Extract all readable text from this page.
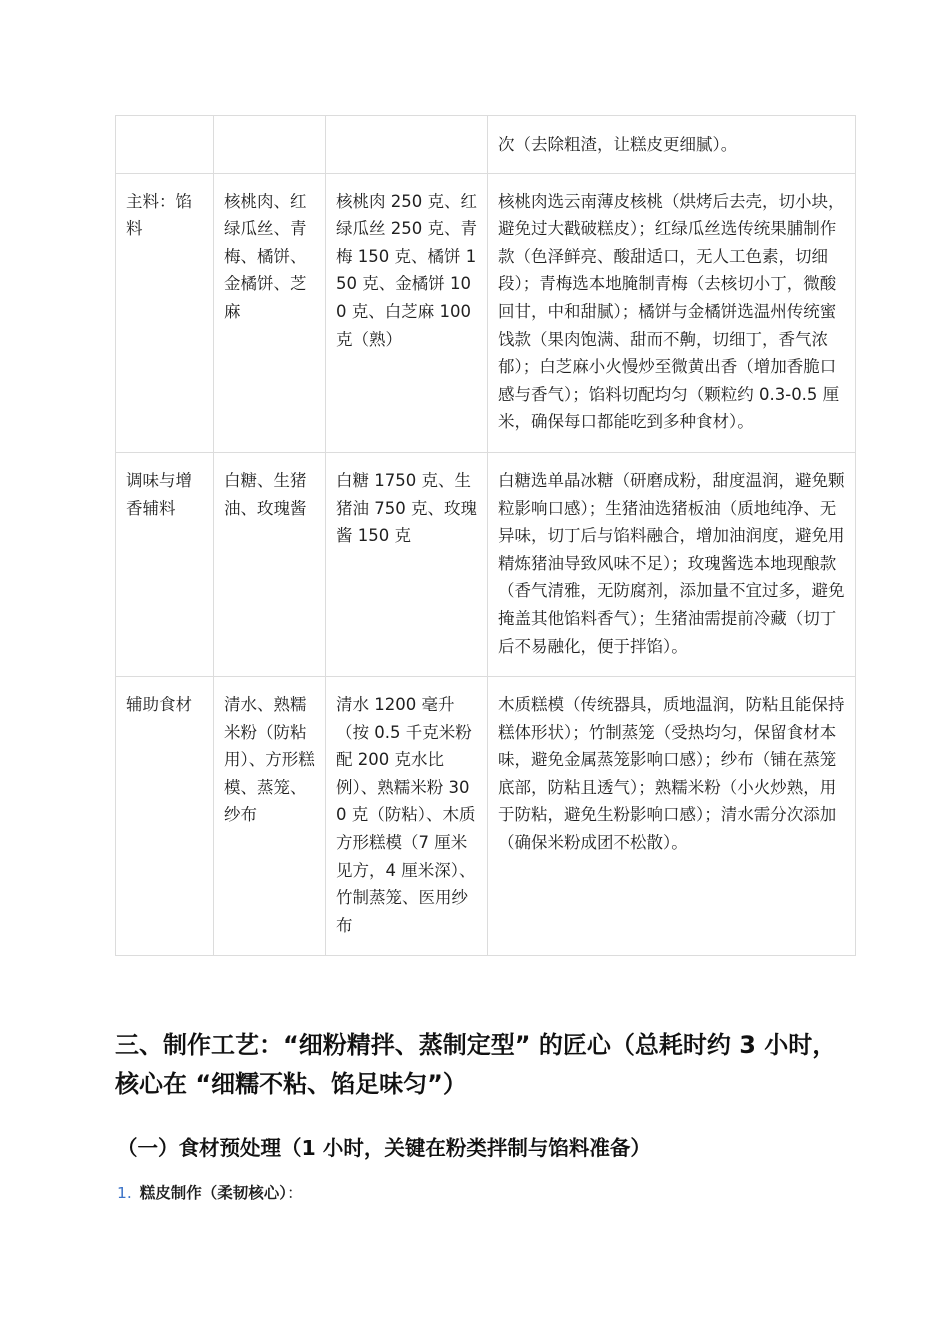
			次（去除粗渣，让糕皮更细腻）。
主料：馅料	核桃肉、红绿瓜丝、青梅、橘饼、金橘饼、芝麻	核桃肉 250 克、红绿瓜丝 250 克、青梅 150 克、橘饼 150 克、金橘饼 100 克、白芝麻 100 克（熟）	核桃肉选云南薄皮核桃（烘烤后去壳，切小块，避免过大戳破糕皮）；红绿瓜丝选传统果脯制作款（色泽鲜亮、酸甜适口，无人工色素，切细段）；青梅选本地腌制青梅（去核切小丁，微酸回甘，中和甜腻）；橘饼与金橘饼选温州传统蜜饯款（果肉饱满、甜而不齁，切细丁，香气浓郁）；白芝麻小火慢炒至微黄出香（增加香脆口感与香气）；馅料切配均匀（颗粒约 0.3-0.5 厘米，确保每口都能吃到多种食材）。
调味与增香辅料	白糖、生猪油、玫瑰酱	白糖 1750 克、生猪油 750 克、玫瑰酱 150 克	白糖选单晶冰糖（研磨成粉，甜度温润，避免颗粒影响口感）；生猪油选猪板油（质地纯净、无异味，切丁后与馅料融合，增加油润度，避免用精炼猪油导致风味不足）；玫瑰酱选本地现酿款（香气清雅，无防腐剂，添加量不宜过多，避免掩盖其他馅料香气）；生猪油需提前冷藏（切丁后不易融化，便于拌馅）。
辅助食材	清水、熟糯米粉（防粘用）、方形糕模、蒸笼、纱布	清水 1200 毫升（按 0.5 千克米粉配 200 克水比例）、熟糯米粉 300 克（防粘）、木质方形糕模（7 厘米见方，4 厘米深）、竹制蒸笼、医用纱布	木质糕模（传统器具，质地温润，防粘且能保持糕体形状）；竹制蒸笼（受热均匀，保留食材本味，避免金属蒸笼影响口感）；纱布（铺在蒸笼底部，防粘且透气）；熟糯米粉（小火炒熟，用于防粘，避免生粉影响口感）；清水需分次添加（确保米粉成团不松散）。
三、制作工艺：“细粉精拌、蒸制定型” 的匠心（总耗时约 3 小时，核心在 “细糯不粘、馅足味匀”）
（一）食材预处理（1 小时，关键在粉类拌制与馅料准备）
1. 糕皮制作（柔韧核心）：
